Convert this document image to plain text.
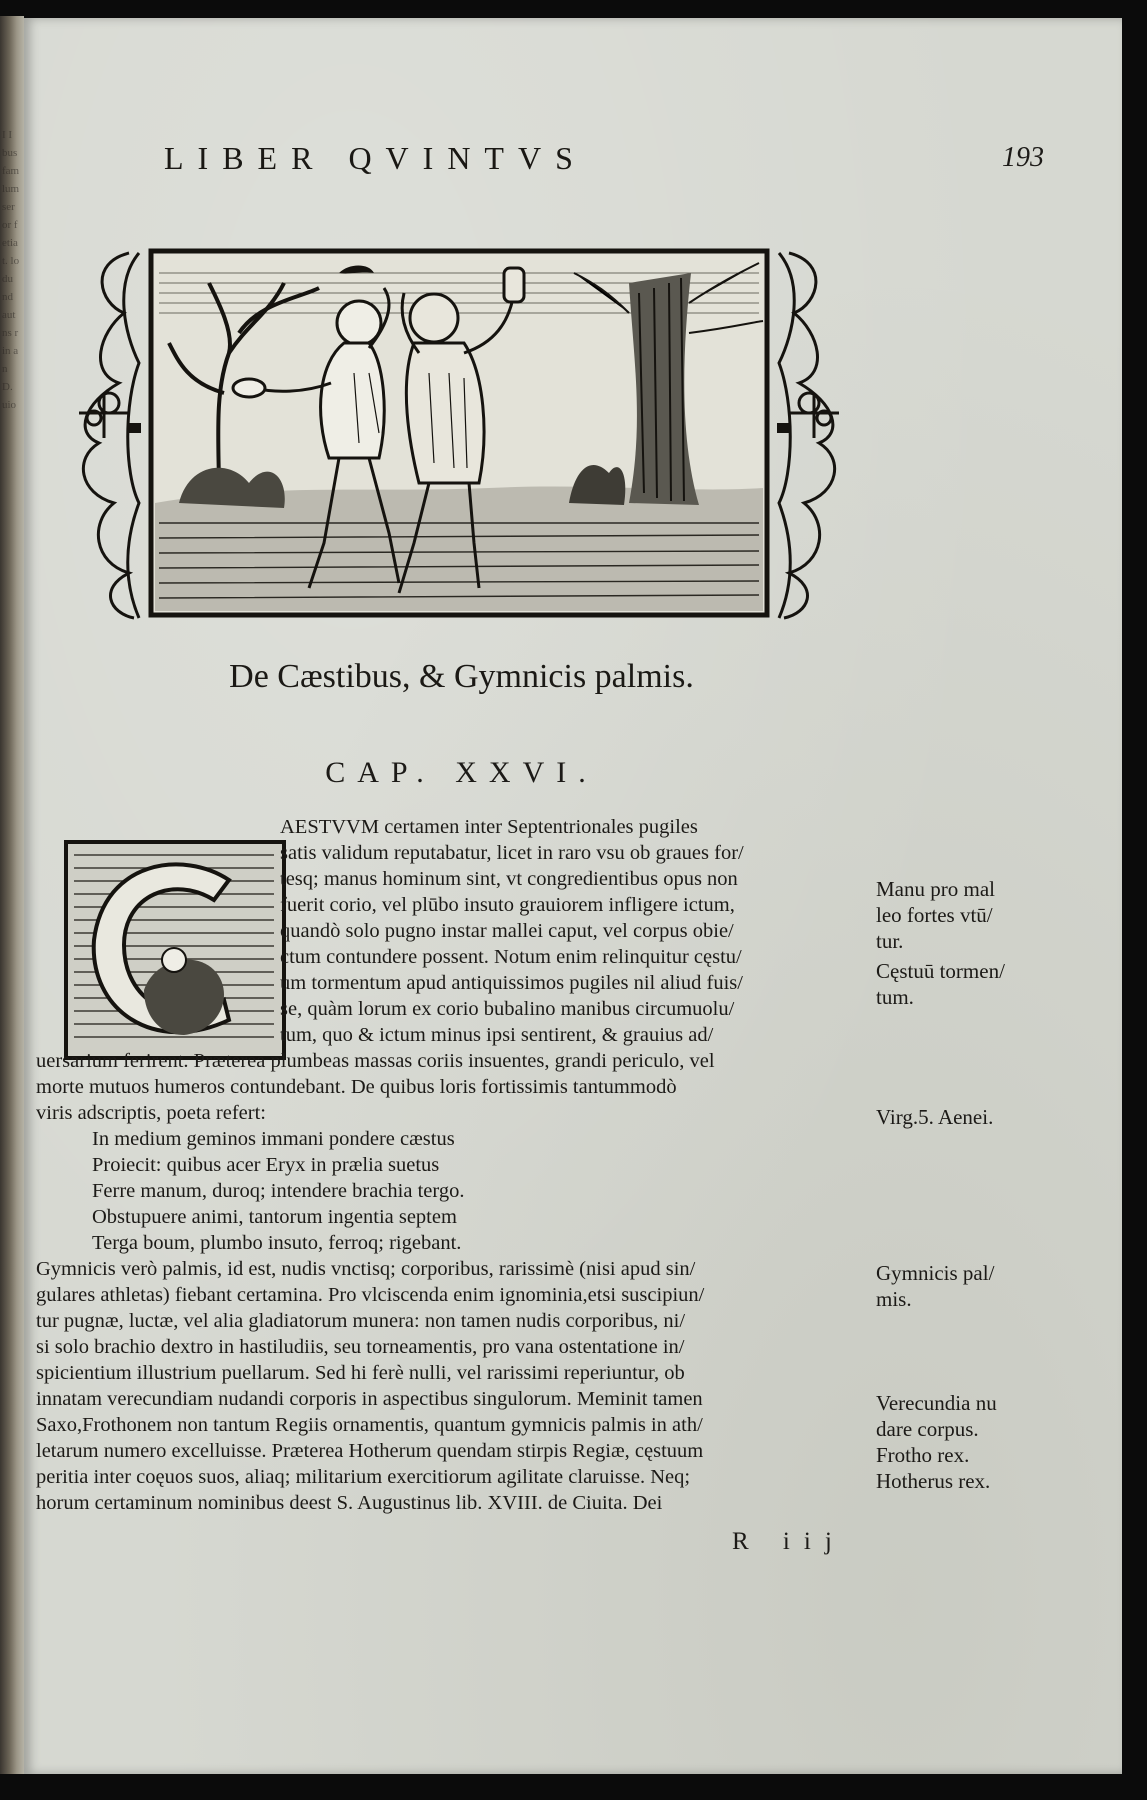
I I bus fam lum ser or f etia t. lo du nd aut ns rin an D. uio
LIBER QVINTVS	193
De Cæstibus, & Gymnicis palmis.
CAP. XXVI.
AESTVVM certamen inter Septentrionales pugiles
satis validum reputabatur, licet in raro vsu ob graues for/
tesq; manus hominum sint, vt congredientibus opus non
fuerit corio, vel plūbo insuto grauiorem infligere ictum,
quandò solo pugno instar mallei caput, vel corpus obie/
ctum contundere possent. Notum enim relinquitur cęstu/
um tormentum apud antiquissimos pugiles nil aliud fuis/
se, quàm lorum ex corio bubalino manibus circumuolu/
tum, quo & ictum minus ipsi sentirent, & grauius ad/
uersarium ferirent. Præterea plumbeas massas coriis insuentes, grandi periculo, vel
morte mutuos humeros contundebant. De quibus loris fortissimis tantummodò
viris adscriptis, poeta refert:
In medium geminos immani pondere cæstus
Proiecit: quibus acer Eryx in prælia suetus
Ferre manum, duroq; intendere brachia tergo.
Obstupuere animi, tantorum ingentia septem
Terga boum, plumbo insuto, ferroq; rigebant.
Gymnicis verò palmis, id est, nudis vnctisq; corporibus, rarissimè (nisi apud sin/
gulares athletas) fiebant certamina. Pro vlciscenda enim ignominia,etsi suscipiun/
tur pugnæ, luctæ, vel alia gladiatorum munera: non tamen nudis corporibus, ni/
si solo brachio dextro in hastiludiis, seu torneamentis, pro vana ostentatione in/
spicientium illustrium puellarum. Sed hi ferè nulli, vel rarissimi reperiuntur, ob
innatam verecundiam nudandi corporis in aspectibus singulorum. Meminit tamen
Saxo,Frothonem non tantum Regiis ornamentis, quantum gymnicis palmis in ath/
letarum numero excelluisse. Præterea Hotherum quendam stirpis Regiæ, cęstuum
peritia inter coęuos suos, aliaq; militarium exercitiorum agilitate claruisse. Neq;
horum certaminum nominibus deest S. Augustinus lib. XVIII. de Ciuita. Dei
Manu pro mal
leo fortes vtū/
tur.
Cęstuū tormen/
tum.
Virg.5. Aenei.
Gymnicis pal/
mis.
Verecundia nu
dare corpus.
Frotho rex.
Hotherus rex.
R iij
